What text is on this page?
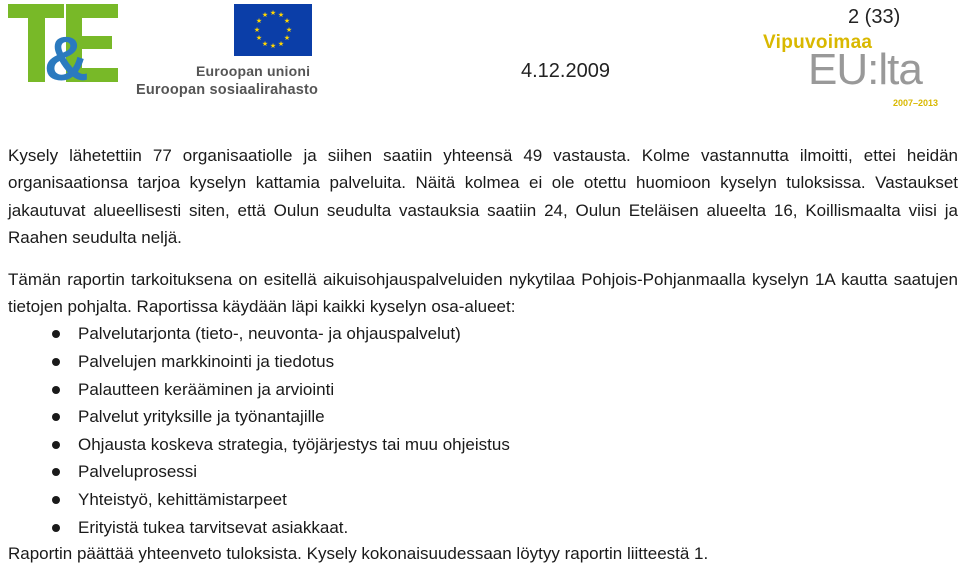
&
★ ★
★
★
★
★
★
★
★
★
★
★
Euroopan unioni
Euroopan sosiaalirahasto
4.12.2009
2 (33)
Vipuvoimaa
EU:lta
2007–2013

Kysely lähetettiin 77 organisaatiolle ja siihen saatiin yhteensä 49 vastausta. Kolme vastannutta ilmoitti, ettei heidän organisaationsa tarjoa kyselyn kattamia palveluita. Näitä kolmea ei ole otettu huomioon kyselyn tuloksissa. Vastaukset jakautuvat alueellisesti siten, että Oulun seudulta vastauksia saatiin 24, Oulun Eteläisen alueelta 16, Koillismaalta viisi ja Raahen seudulta neljä.

Tämän raportin tarkoituksena on esitellä aikuisohjauspalveluiden nykytilaa Pohjois-Pohjanmaalla kyselyn 1A kautta saatujen tietojen pohjalta. Raportissa käydään läpi kaikki kyselyn osa-alueet:

Palvelutarjonta (tieto-, neuvonta- ja ohjauspalvelut)
Palvelujen markkinointi ja tiedotus
Palautteen kerääminen ja arviointi
Palvelut yrityksille ja työnantajille
Ohjausta koskeva strategia, työjärjestys tai muu ohjeistus
Palveluprosessi
Yhteistyö, kehittämistarpeet
Erityistä tukea tarvitsevat asiakkaat.

Raportin päättää yhteenveto tuloksista. Kysely kokonaisuudessaan löytyy raportin liitteestä 1.
